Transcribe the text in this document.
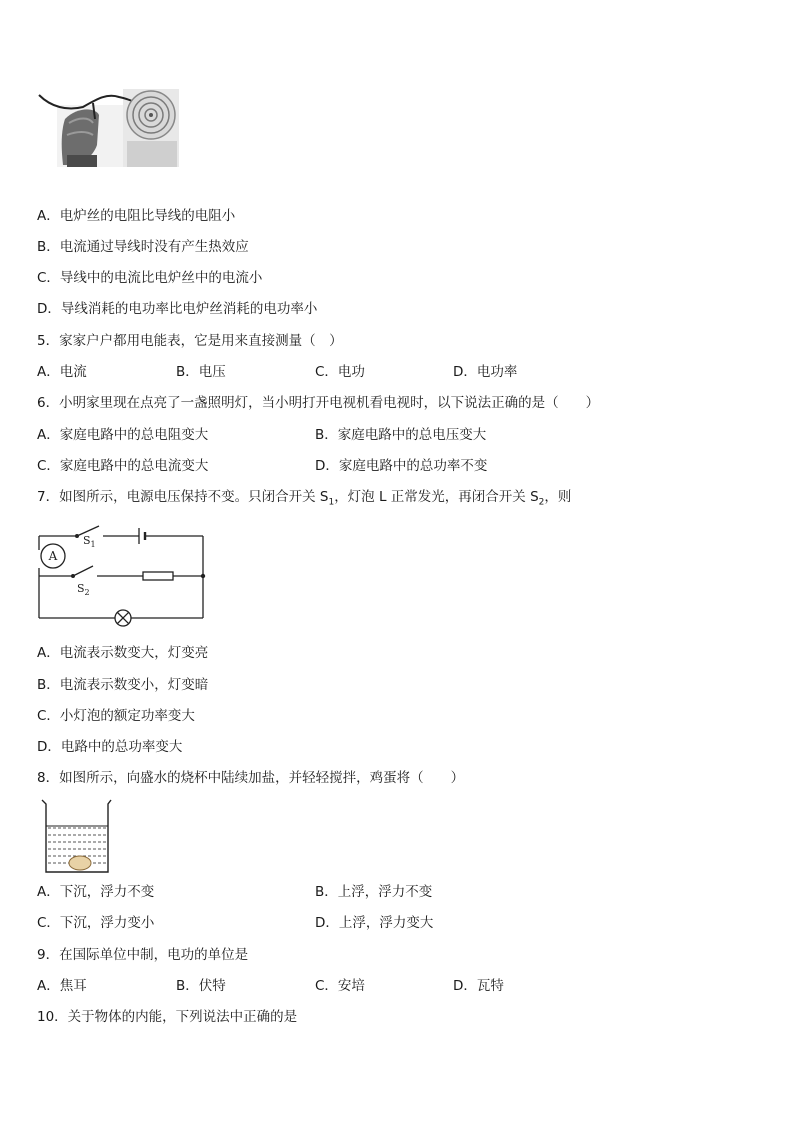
A．电炉丝的电阻比导线的电阻小
B．电流通过导线时没有产生热效应
C．导线中的电流比电炉丝中的电流小
D．导线消耗的电功率比电炉丝消耗的电功率小
5．家家户户都用电能表，它是用来直接测量（　）
A．电流	B．电压	C．电功	D．电功率
6．小明家里现在点亮了一盏照明灯，当小明打开电视机看电视时，以下说法正确的是（　　）
A．家庭电路中的总电阻变大	B．家庭电路中的总电压变大
C．家庭电路中的总电流变大	D．家庭电路中的总功率不变
7．如图所示，电源电压保持不变。只闭合开关 $S_1$，灯泡 L 正常发光，再闭合开关 $S_2$，则
A
$S_1$
$S_2$
A．电流表示数变大，灯变亮
B．电流表示数变小，灯变暗
C．小灯泡的额定功率变大
D．电路中的总功率变大
8．如图所示，向盛水的烧杯中陆续加盐，并轻轻搅拌，鸡蛋将（　　）
A．下沉，浮力不变	B．上浮，浮力不变
C．下沉，浮力变小	D．上浮，浮力变大
9．在国际单位中制，电功的单位是
A．焦耳	B．伏特	C．安培	D．瓦特
10．关于物体的内能，下列说法中正确的是
